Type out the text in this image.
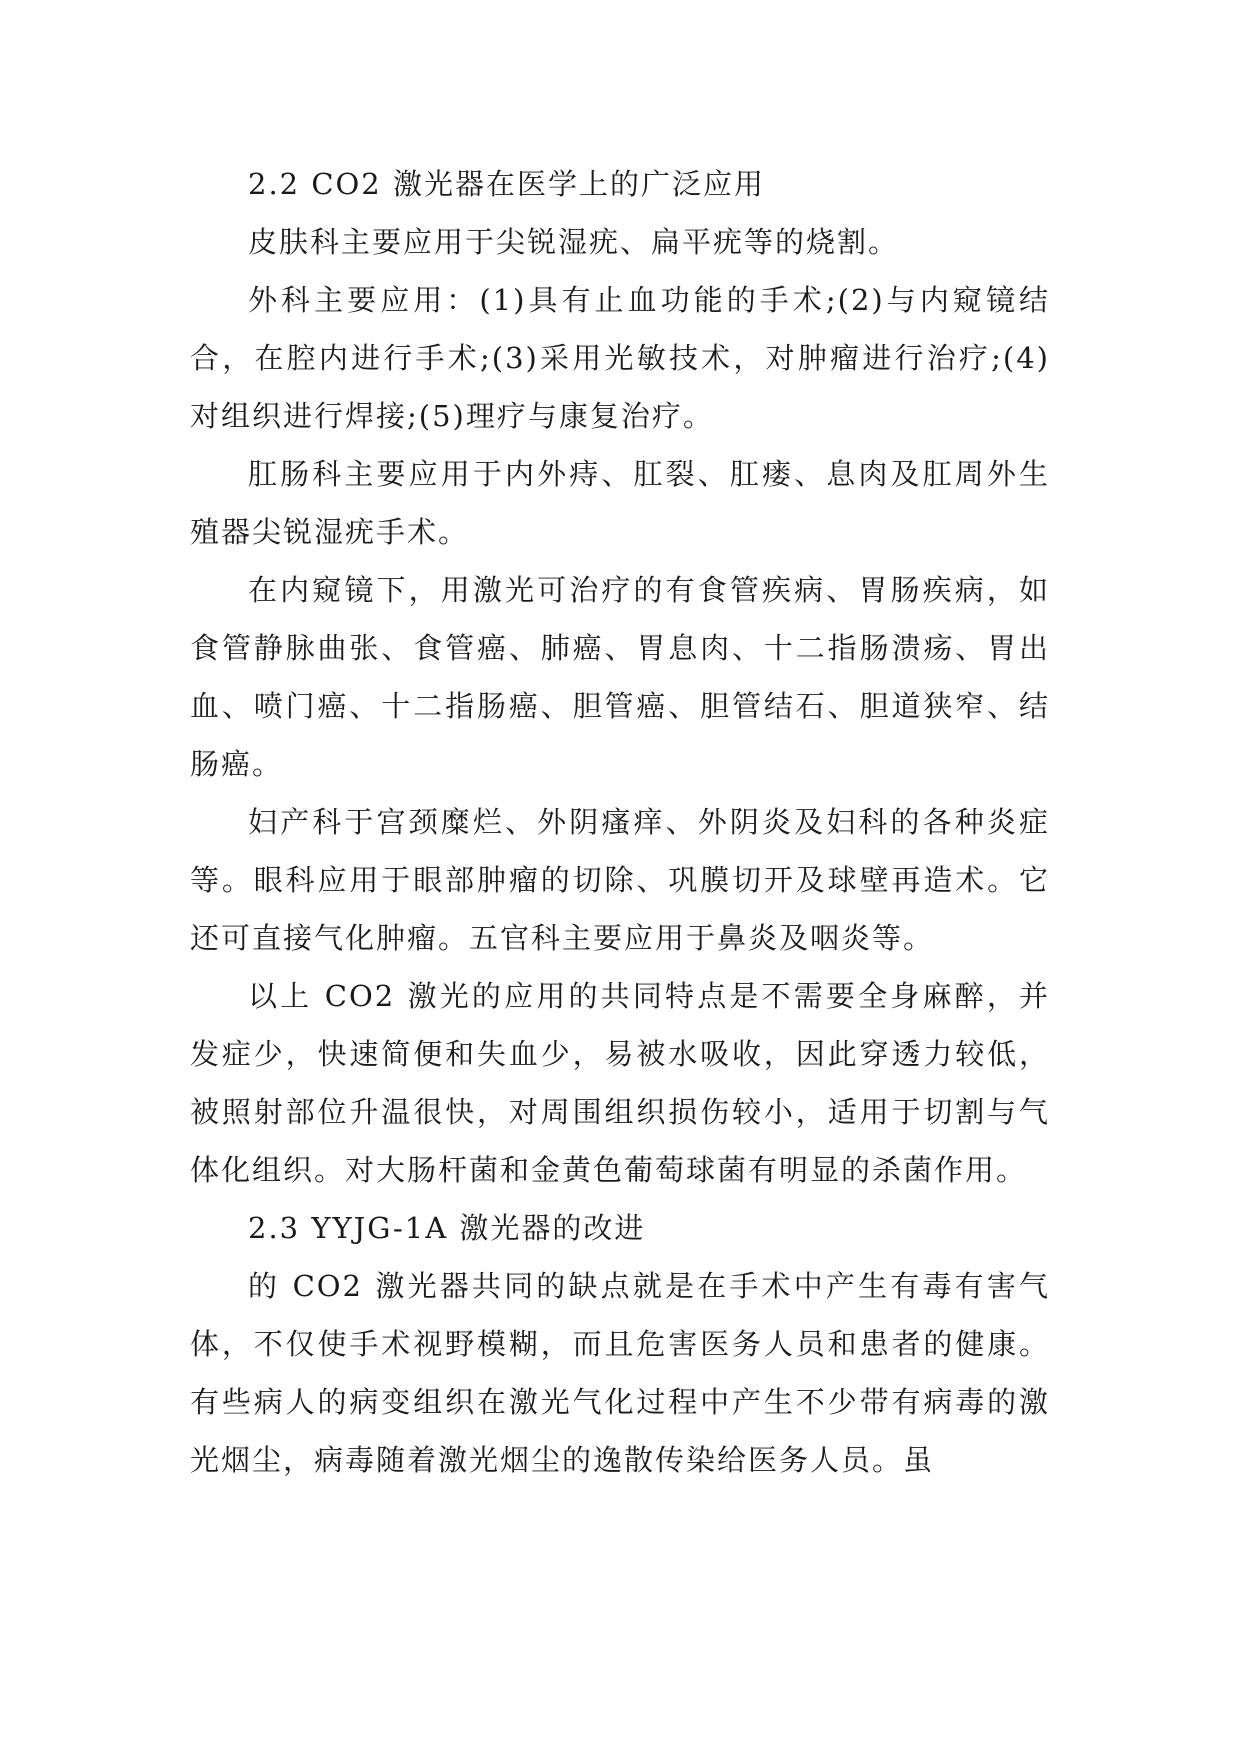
2.2 CO2 激光器在医学上的广泛应用

皮肤科主要应用于尖锐湿疣、扁平疣等的烧割。

外科主要应用：(1)具有止血功能的手术;(2)与内窥镜结合，在腔内进行手术;(3)采用光敏技术，对肿瘤进行治疗;(4)对组织进行焊接;(5)理疗与康复治疗。

肛肠科主要应用于内外痔、肛裂、肛瘘、息肉及肛周外生殖器尖锐湿疣手术。

在内窥镜下，用激光可治疗的有食管疾病、胃肠疾病，如食管静脉曲张、食管癌、肺癌、胃息肉、十二指肠溃疡、胃出血、喷门癌、十二指肠癌、胆管癌、胆管结石、胆道狭窄、结肠癌。

妇产科于宫颈糜烂、外阴瘙痒、外阴炎及妇科的各种炎症等。眼科应用于眼部肿瘤的切除、巩膜切开及球壁再造术。它还可直接气化肿瘤。五官科主要应用于鼻炎及咽炎等。

以上 CO2 激光的应用的共同特点是不需要全身麻醉，并发症少，快速简便和失血少，易被水吸收，因此穿透力较低，被照射部位升温很快，对周围组织损伤较小，适用于切割与气体化组织。对大肠杆菌和金黄色葡萄球菌有明显的杀菌作用。

2.3 YYJG-1A 激光器的改进

的 CO2 激光器共同的缺点就是在手术中产生有毒有害气体，不仅使手术视野模糊，而且危害医务人员和患者的健康。有些病人的病变组织在激光气化过程中产生不少带有病毒的激光烟尘，病毒随着激光烟尘的逸散传染给医务人员。虽
